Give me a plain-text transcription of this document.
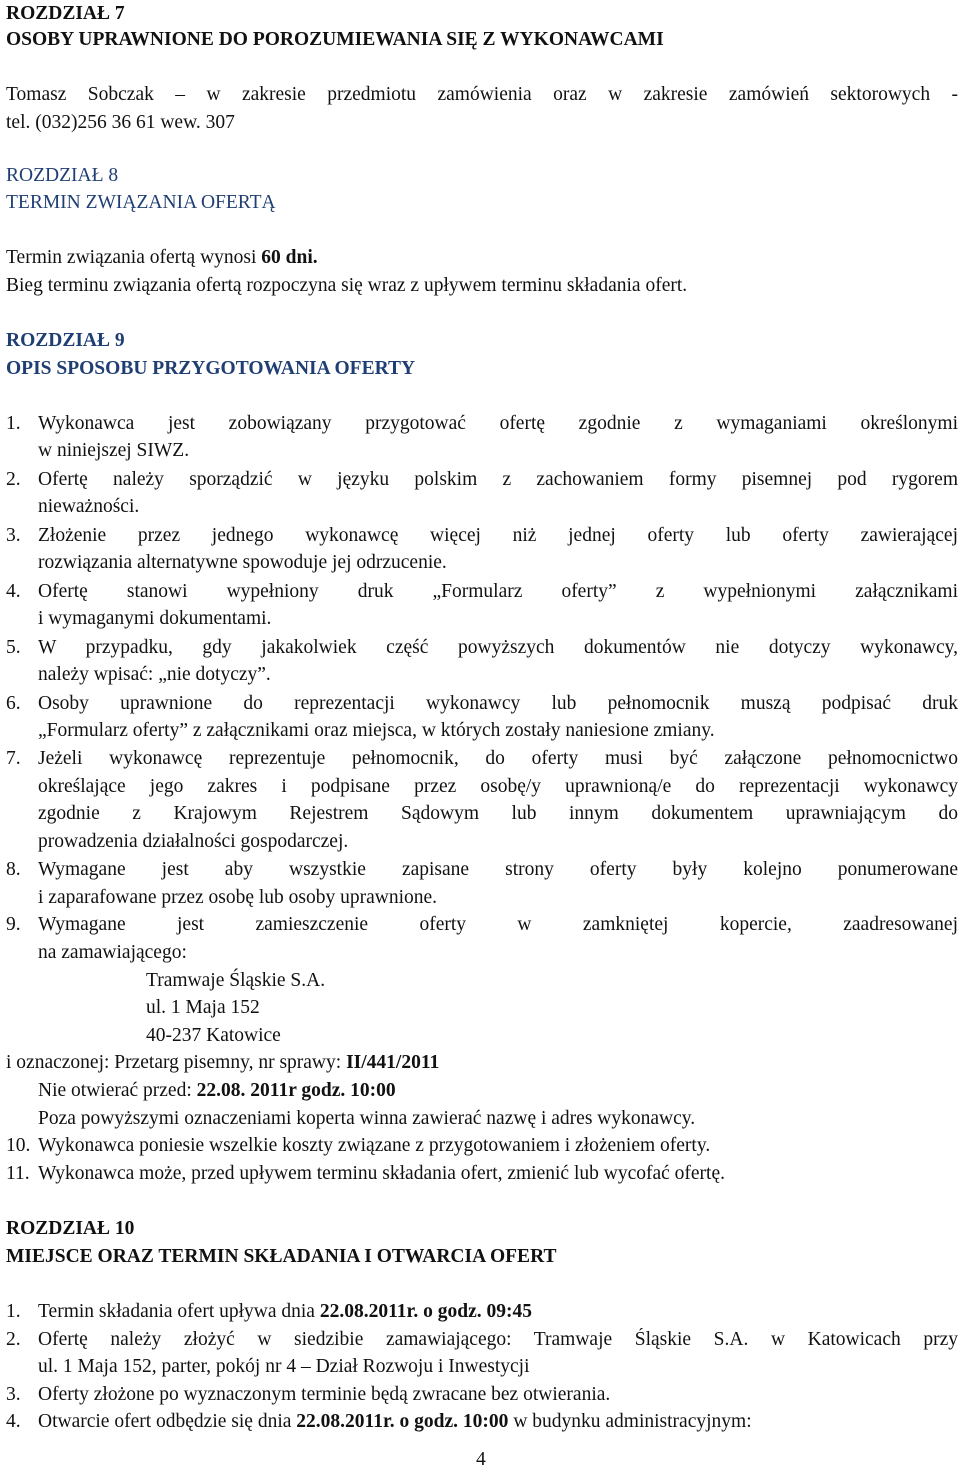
ROZDZIAŁ 7
OSOBY UPRAWNIONE DO POROZUMIEWANIA SIĘ Z WYKONAWCAMI
Tomasz Sobczak – w zakresie przedmiotu zamówienia oraz w zakresie zamówień sektorowych -
tel. (032)256 36 61 wew. 307
ROZDZIAŁ 8
TERMIN ZWIĄZANIA OFERTĄ
Termin związania ofertą wynosi 60 dni.
Bieg terminu związania ofertą rozpoczyna się wraz z upływem terminu składania ofert.
ROZDZIAŁ 9
OPIS SPOSOBU PRZYGOTOWANIA OFERTY
1. Wykonawca jest zobowiązany przygotować ofertę zgodnie z wymaganiami określonymi
w niniejszej SIWZ.
2. Ofertę należy sporządzić w języku polskim z zachowaniem formy pisemnej pod rygorem
nieważności.
3. Złożenie przez jednego wykonawcę więcej niż jednej oferty lub oferty zawierającej
rozwiązania alternatywne spowoduje jej odrzucenie.
4. Ofertę stanowi wypełniony druk „Formularz oferty” z wypełnionymi załącznikami
i wymaganymi dokumentami.
5. W przypadku, gdy jakakolwiek część powyższych dokumentów nie dotyczy wykonawcy,
należy wpisać: „nie dotyczy”.
6. Osoby uprawnione do reprezentacji wykonawcy lub pełnomocnik muszą podpisać druk
„Formularz oferty” z załącznikami oraz miejsca, w których zostały naniesione zmiany.
7. Jeżeli wykonawcę reprezentuje pełnomocnik, do oferty musi być załączone pełnomocnictwo
określające jego zakres i podpisane przez osobę/y uprawnioną/e do reprezentacji wykonawcy
zgodnie z Krajowym Rejestrem Sądowym lub innym dokumentem uprawniającym do
prowadzenia działalności gospodarczej.
8. Wymagane jest aby wszystkie zapisane strony oferty były kolejno ponumerowane
i zaparafowane przez osobę lub osoby uprawnione.
9. Wymagane jest zamieszczenie oferty w zamkniętej kopercie, zaadresowanej
na zamawiającego:
Tramwaje Śląskie S.A.
ul. 1 Maja 152
40-237 Katowice
i oznaczonej: Przetarg pisemny, nr sprawy: II/441/2011
Nie otwierać przed: 22.08. 2011r godz. 10:00
Poza powyższymi oznaczeniami koperta winna zawierać nazwę i adres wykonawcy.
10. Wykonawca poniesie wszelkie koszty związane z przygotowaniem i złożeniem oferty.
11. Wykonawca może, przed upływem terminu składania ofert, zmienić lub wycofać ofertę.
ROZDZIAŁ 10
MIEJSCE ORAZ TERMIN SKŁADANIA I OTWARCIA OFERT
1. Termin składania ofert upływa dnia 22.08.2011r. o godz. 09:45
2. Ofertę należy złożyć w siedzibie zamawiającego: Tramwaje Śląskie S.A. w Katowicach przy
ul. 1 Maja 152, parter, pokój nr 4 – Dział Rozwoju i Inwestycji
3. Oferty złożone po wyznaczonym terminie będą zwracane bez otwierania.
4. Otwarcie ofert odbędzie się dnia 22.08.2011r. o godz. 10:00 w budynku administracyjnym:
4
